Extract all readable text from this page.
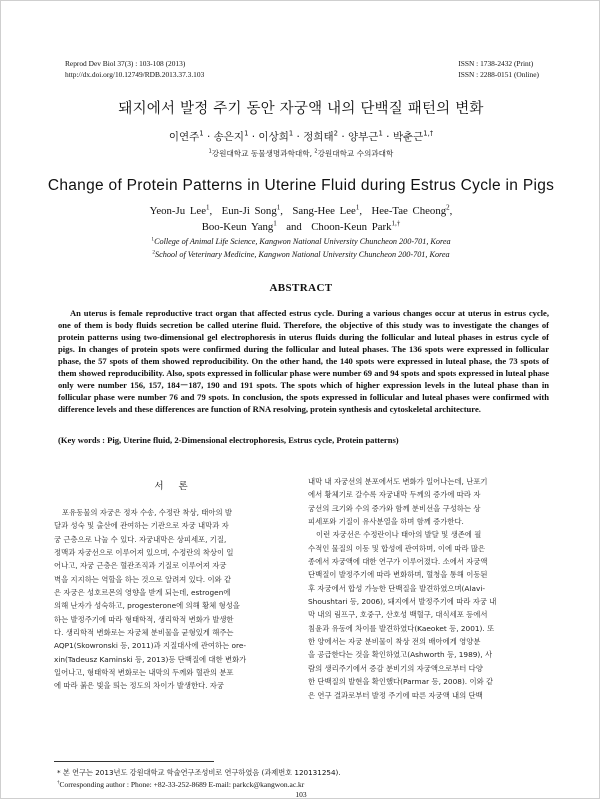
Reprod Dev Biol 37(3) : 103-108 (2013)
http://dx.doi.org/10.12749/RDB.2013.37.3.103
ISSN : 1738-2432 (Print)
ISSN : 2288-0151 (Online)
돼지에서 발정 주기 동안 자궁액 내의 단백질 패턴의 변화
이연주$^1$ · 송은지$^1$ · 이상희$^1$ · 정희태$^2$ · 양부근$^1$ · 박춘근$^{1,\dagger}$
$^1$강원대학교 동물생명과학대학, $^2$강원대학교 수의과대학
Change of Protein Patterns in Uterine Fluid during Estrus Cycle in Pigs
Yeon-Ju Lee$^1$,  Eun-Ji Song$^1$,  Sang-Hee Lee$^1$,  Hee-Tae Cheong$^2$,
Boo-Keun Yang$^1$ and Choon-Keun Park$^{1,\dagger}$
$^1$College of Animal Life Science, Kangwon National University Chuncheon 200-701, Korea
$^2$School of Veterinary Medicine, Kangwon National University Chuncheon 200-701, Korea
ABSTRACT
An uterus is female reproductive tract organ that affected estrus cycle. During a various changes occur at uterus in estrus cycle, one of them is body fluids secretion be called uterine fluid. Therefore, the objective of this study was to investigate the changes of protein patterns using two-dimensional gel electrophoresis in uterus fluids during the follicular and luteal phases in estrus cycle of pigs. In changes of protein spots were confirmed during the follicular and luteal phases. The 136 spots were expressed in follicular phase, the 57 spots of them showed reproducibility. On the other hand, the 140 spots were expressed in luteal phase, the 73 spots of them showed reproducibility. Also, spots expressed in follicular phase were number 69 and 94 spots and spots expressed in luteal phase only were number 156, 157, 184－187, 190 and 191 spots. The spots which of higher expression levels in the luteal phase than in follicular phase were number 76 and 79 spots. In conclusion, the spots expressed in follicular and luteal phases were confirmed with difference levels and these differences are function of RNA resolving, protein synthesis and cytoskeletal architecture.
(Key words : Pig, Uterine fluid, 2-Dimensional electrophoresis, Estrus cycle, Protein patterns)
서 론

포유동물의 자궁은 정자 수송, 수정란 착상, 태아의 발

달과 성숙 및 출산에 관여하는 기관으로 자궁 내막과 자

궁 근층으로 나눌 수 있다. 자궁내막은 상피세포, 기질,

정맥과 자궁선으로 이루어져 있으며, 수정란의 착상이 일

어나고, 자궁 근층은 혈관조직과 기질로 이루어져 자궁

벽을 지지하는 역할을 하는 것으로 알려져 있다. 이와 같

은 자궁은 성호르몬의 영향을 받게 되는데, estrogen에

의해 난자가 성숙하고, progesterone에 의해 황체 형성을

하는 발정주기에 따라 형태학적, 생리학적 변화가 발생한

다. 생리학적 변화로는 자궁체 분비물을 균형있게 해주는

AQP1(Skowronski 등, 2011)과 지질대사에 관여하는 ore-

xin(Tadeusz Kaminski 등, 2013)등 단백질에 대한 변화가

일어나고, 형태학적 변화로는 내막의 두께와 혈관의 분포

에 따라 붉은 빛을 띄는 정도의 차이가 발생한다. 자궁

내막 내 자궁선의 분포에서도 변화가 일어나는데, 난포기

에서 황체기로 갈수록 자궁내막 두께의 증가에 따라 자

궁선의 크기와 수의 증가와 함께 분비선을 구성하는 상

피세포와 기질이 유사분열을 하며 함께 증가한다.

이런 자궁선은 수정란이나 태아의 발달 및 생존에 필

수적인 물질의 이동 및 합성에 관여하며, 이에 따라 많은

종에서 자궁액에 대한 연구가 이루어졌다. 소에서 자궁액

단백질이 발정주기에 따라 변화하며, 혈청을 통해 이동된

후 자궁에서 합성 가능한 단백질을 발견하였으며(Alavi-

Shoushtari 등, 2006), 돼지에서 발정주기에 따라 자궁 내

막 내의 림프구, 호중구, 산호성 백혈구, 대식세포 등에서

침윤과 유동에 차이를 발견하였다(Kaeoket 등, 2001). 또

한 양에서는 자궁 분비물이 착상 전의 배아에게 영양분

을 공급한다는 것을 확인하였고(Ashworth 등, 1989), 사

람의 생리주기에서 증감 분비기의 자궁액으로부터 다양

한 단백질의 발현을 확인했다(Parmar 등, 2008). 이와 같

은 연구 결과로부터 발정 주기에 따른 자궁액 내의 단백

* 본 연구는 2013년도 강원대학교 학술연구조성비로 연구하였음 (과제번호 120131254).
†Corresponding author : Phone: +82-33-252-8689 E-mail: parkck@kangwon.ac.kr
103
